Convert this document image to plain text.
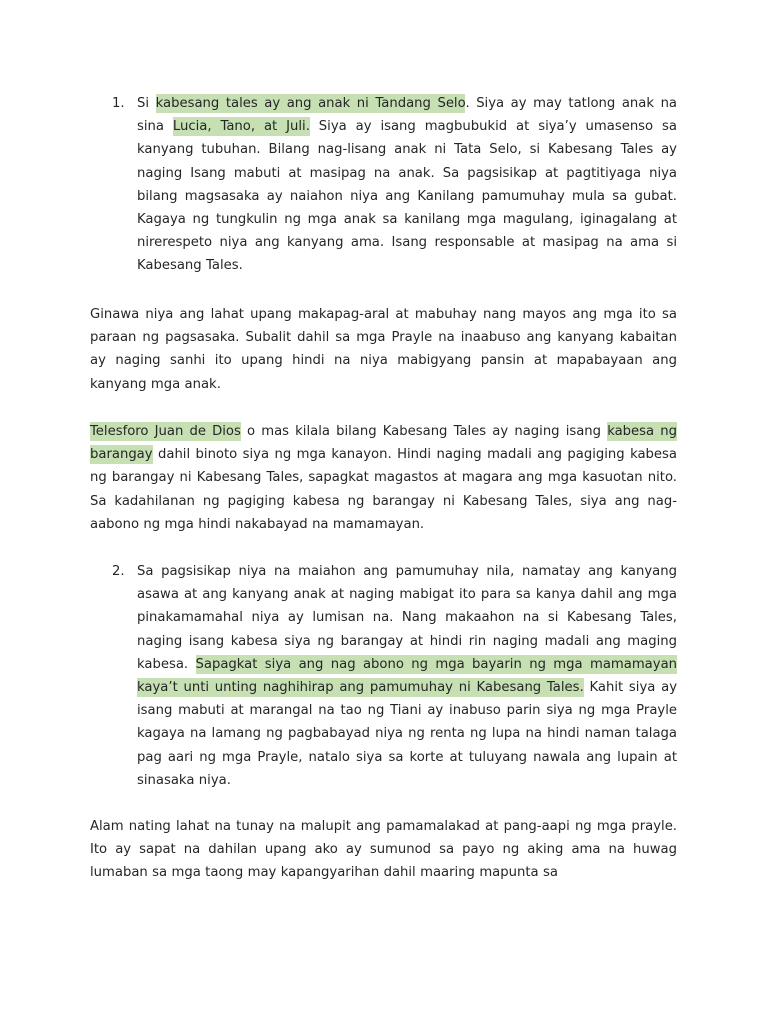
1. Si kabesang tales ay ang anak ni Tandang Selo. Siya ay may tatlong anak na sina Lucia, Tano, at Juli. Siya ay isang magbubukid at siya’y umasenso sa kanyang tubuhan. Bilang nag-lisang anak ni Tata Selo, si Kabesang Tales ay naging Isang mabuti at masipag na anak. Sa pagsisikap at pagtitiyaga niya bilang magsasaka ay naiahon niya ang Kanilang pamumuhay mula sa gubat. Kagaya ng tungkulin ng mga anak sa kanilang mga magulang, iginagalang at nirerespeto niya ang kanyang ama. Isang responsable at masipag na ama si Kabesang Tales.
Ginawa niya ang lahat upang makapag-aral at mabuhay nang mayos ang mga ito sa paraan ng pagsasaka. Subalit dahil sa mga Prayle na inaabuso ang kanyang kabaitan ay naging sanhi ito upang hindi na niya mabigyang pansin at mapabayaan ang kanyang mga anak.
Telesforo Juan de Dios o mas kilala bilang Kabesang Tales ay naging isang kabesa ng barangay dahil binoto siya ng mga kanayon. Hindi naging madali ang pagiging kabesa ng barangay ni Kabesang Tales, sapagkat magastos at magara ang mga kasuotan nito. Sa kadahilanan ng pagiging kabesa ng barangay ni Kabesang Tales, siya ang nag-aabono ng mga hindi nakabayad na mamamayan.
2. Sa pagsisikap niya na maiahon ang pamumuhay nila, namatay ang kanyang asawa at ang kanyang anak at naging mabigat ito para sa kanya dahil ang mga pinakamamahal niya ay lumisan na. Nang makaahon na si Kabesang Tales, naging isang kabesa siya ng barangay at hindi rin naging madali ang maging kabesa. Sapagkat siya ang nag abono ng mga bayarin ng mga mamamayan kaya’t unti unting naghihirap ang pamumuhay ni Kabesang Tales. Kahit siya ay isang mabuti at marangal na tao ng Tiani ay inabuso parin siya ng mga Prayle kagaya na lamang ng pagbabayad niya ng renta ng lupa na hindi naman talaga pag aari ng mga Prayle, natalo siya sa korte at tuluyang nawala ang lupain at sinasaka niya.
Alam nating lahat na tunay na malupit ang pamamalakad at pang-aapi ng mga prayle. Ito ay sapat na dahilan upang ako ay sumunod sa payo ng aking ama na huwag lumaban sa mga taong may kapangyarihan dahil maaring mapunta sa
